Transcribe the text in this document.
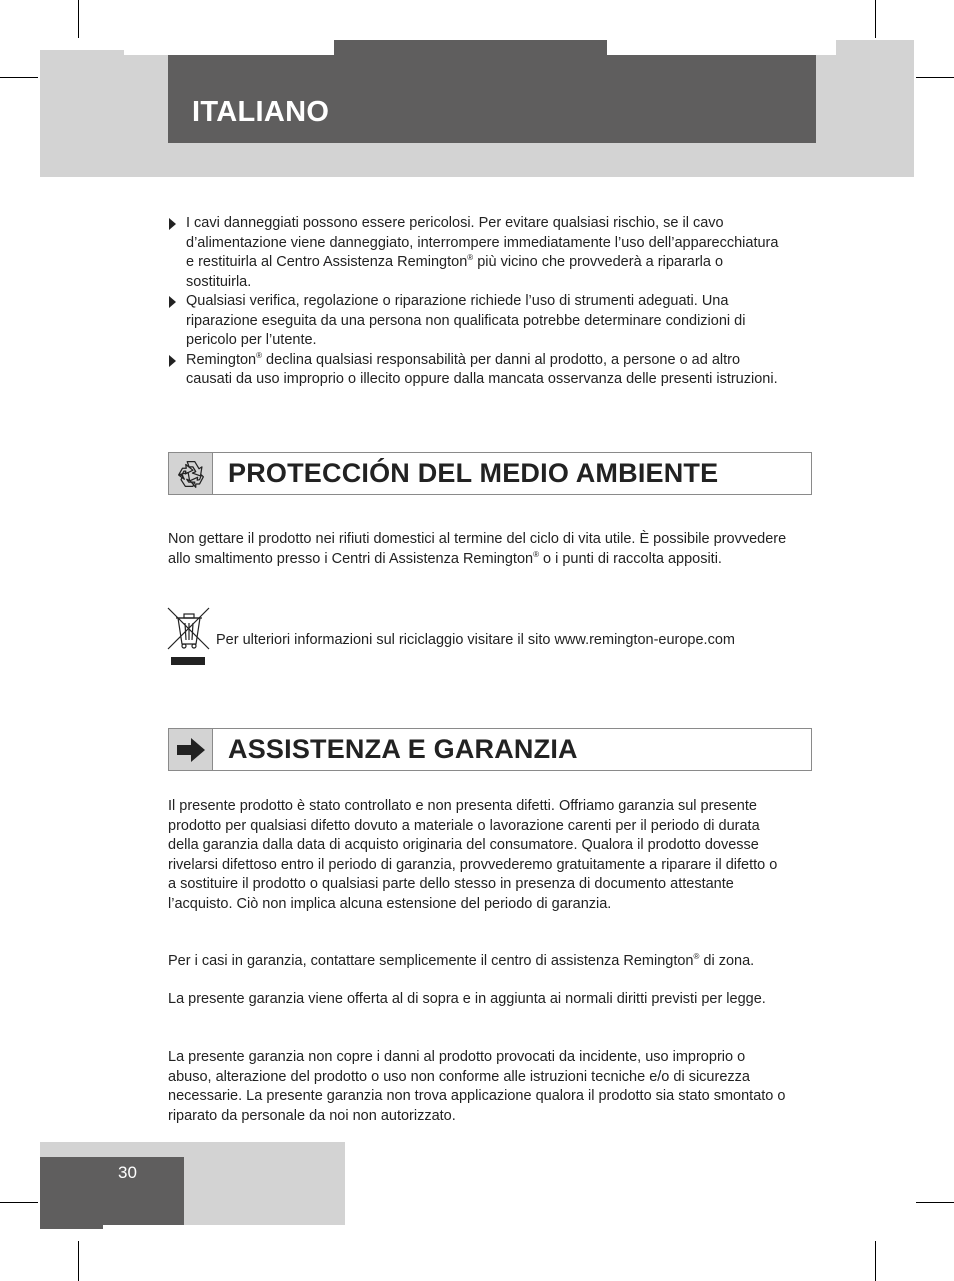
ITALIANO
I cavi danneggiati possono essere pericolosi. Per evitare qualsiasi rischio, se il cavo d’alimentazione viene danneggiato, interrompere immediatamente l’uso dell’apparecchiatura e restituirla al Centro Assistenza Remington® più vicino che provvederà a ripararla o sostituirla.
Qualsiasi verifica, regolazione o riparazione richiede l’uso di strumenti adeguati. Una riparazione eseguita da una persona non qualificata potrebbe determinare condizioni di pericolo per l’utente.
Remington® declina qualsiasi responsabilità per danni al prodotto, a persone o ad altro causati da uso improprio o illecito oppure dalla mancata osservanza delle presenti istruzioni.
PROTECCIÓN DEL MEDIO AMBIENTE

Non gettare il prodotto nei rifiuti domestici al termine del ciclo di vita utile. È possibile provvedere allo smaltimento presso i Centri di Assistenza Remington® o i punti di raccolta appositi.

Per ulteriori informazioni sul riciclaggio visitare il sito www.remington-europe.com

ASSISTENZA E GARANZIA

Il presente prodotto è stato controllato e non presenta difetti. Offriamo garanzia sul presente prodotto per qualsiasi difetto dovuto a materiale o lavorazione carenti per il periodo di durata della garanzia dalla data di acquisto originaria del consumatore. Qualora il prodotto dovesse rivelarsi difettoso entro il periodo di garanzia, provvederemo gratuitamente a riparare il difetto o a sostituire il prodotto o qualsiasi parte dello stesso in presenza di documento attestante l’acquisto. Ciò non implica alcuna estensione del periodo di garanzia.

Per i casi in garanzia, contattare semplicemente il centro di assistenza Remington® di zona.

La presente garanzia viene offerta al di sopra e in aggiunta ai normali diritti previsti per legge.

La presente garanzia non copre i danni al prodotto provocati da incidente, uso improprio o abuso, alterazione del prodotto o uso non conforme alle istruzioni tecniche e/o di sicurezza necessarie. La presente garanzia non trova applicazione qualora il prodotto sia stato smontato o riparato da personale da noi non autorizzato.

30
